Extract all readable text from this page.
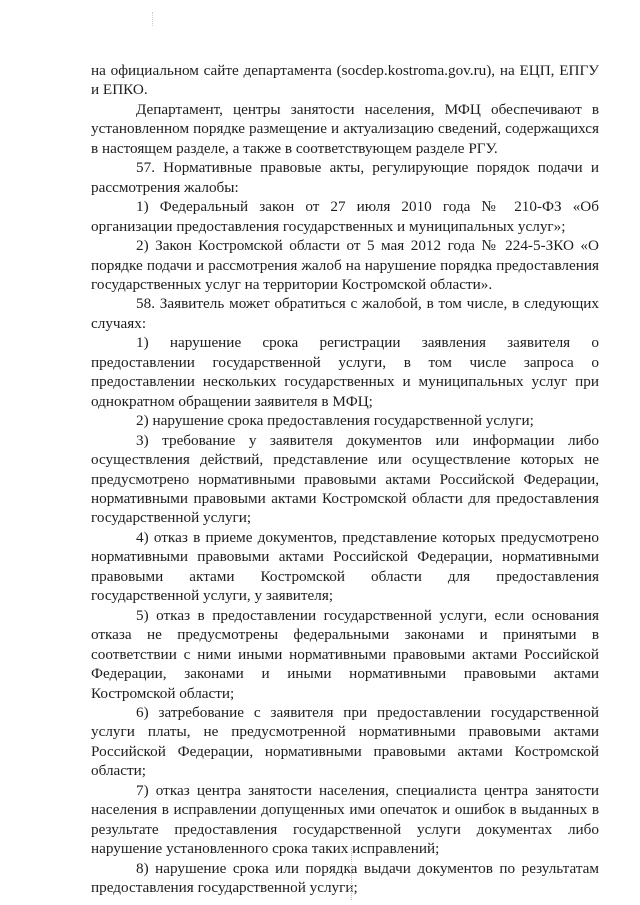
на официальном сайте департамента (socdep.kostroma.gov.ru), на ЕЦП, ЕПГУ и ЕПКО.

Департамент, центры занятости населения, МФЦ обеспечивают в установленном порядке размещение и актуализацию сведений, содержащихся в настоящем разделе, а также в соответствующем разделе РГУ.

57. Нормативные правовые акты, регулирующие порядок подачи и рассмотрения жалобы:

1) Федеральный закон от 27 июля 2010 года № 210-ФЗ «Об организации предоставления государственных и муниципальных услуг»;

2) Закон Костромской области от 5 мая 2012 года № 224-5-ЗКО «О порядке подачи и рассмотрения жалоб на нарушение порядка предоставления государственных услуг на территории Костромской области».

58. Заявитель может обратиться с жалобой, в том числе, в следующих случаях:

1) нарушение срока регистрации заявления заявителя о предоставлении государственной услуги, в том числе запроса о предоставлении нескольких государственных и муниципальных услуг при однократном обращении заявителя в МФЦ;

2) нарушение срока предоставления государственной услуги;

3) требование у заявителя документов или информации либо осуществления действий, представление или осуществление которых не предусмотрено нормативными правовыми актами Российской Федерации, нормативными правовыми актами Костромской области для предоставления государственной услуги;

4) отказ в приеме документов, представление которых предусмотрено нормативными правовыми актами Российской Федерации, нормативными правовыми актами Костромской области для предоставления государственной услуги, у заявителя;

5) отказ в предоставлении государственной услуги, если основания отказа не предусмотрены федеральными законами и принятыми в соответствии с ними иными нормативными правовыми актами Российской Федерации, законами и иными нормативными правовыми актами Костромской области;

6) затребование с заявителя при предоставлении государственной услуги платы, не предусмотренной нормативными правовыми актами Российской Федерации, нормативными правовыми актами Костромской области;

7) отказ центра занятости населения, специалиста центра занятости населения в исправлении допущенных ими опечаток и ошибок в выданных в результате предоставления государственной услуги документах либо нарушение установленного срока таких исправлений;

8) нарушение срока или порядка выдачи документов по результатам предоставления государственной услуги;
